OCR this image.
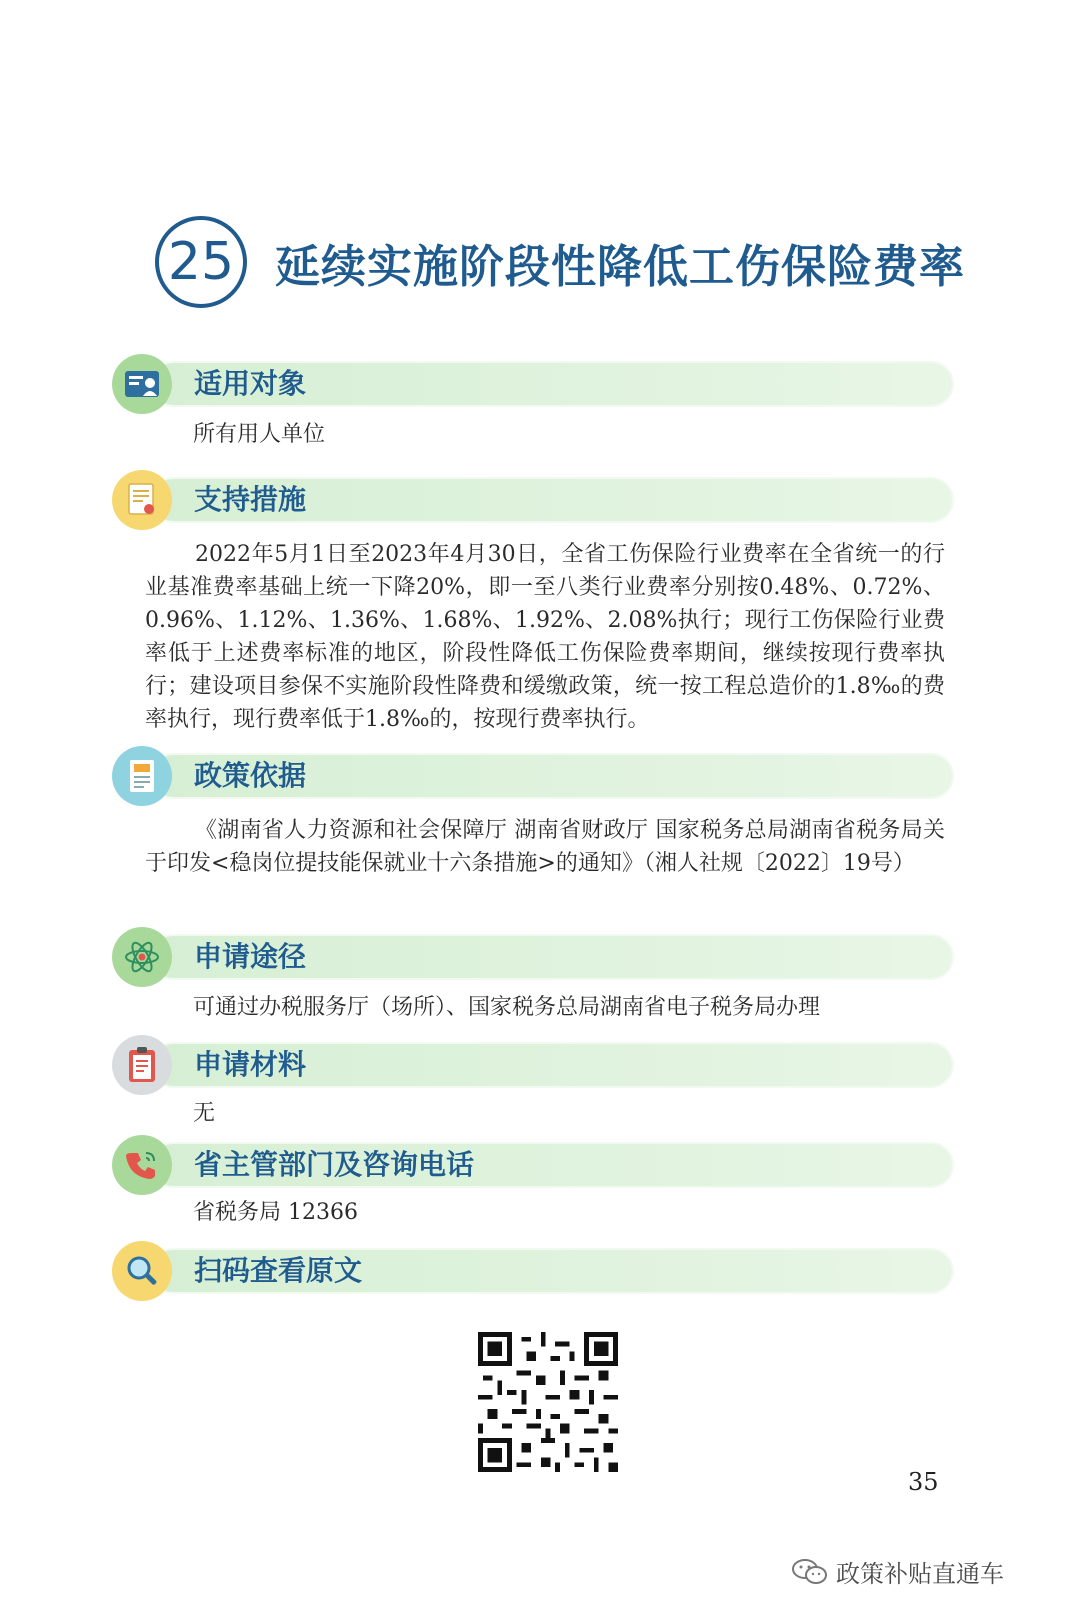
25 延续实施阶段性降低工伤保险费率
适用对象
所有用人单位
支持措施
2022年5月1日至2023年4月30日，全省工伤保险行业费率在全省统一的行业基准费率基础上统一下降20%，即一至八类行业费率分别按0.48%、0.72%、0.96%、1.12%、1.36%、1.68%、1.92%、2.08%执行；现行工伤保险行业费率低于上述费率标准的地区，阶段性降低工伤保险费率期间，继续按现行费率执行；建设项目参保不实施阶段性降费和缓缴政策，统一按工程总造价的1.8‰的费率执行，现行费率低于1.8‰的，按现行费率执行。
政策依据
《湖南省人力资源和社会保障厅 湖南省财政厅 国家税务总局湖南省税务局关于印发<稳岗位提技能保就业十六条措施>的通知》（湘人社规〔2022〕19号）
申请途径
可通过办税服务厅（场所）、国家税务总局湖南省电子税务局办理
申请材料
无
省主管部门及咨询电话
省税务局 12366
扫码查看原文
35
政策补贴直通车
